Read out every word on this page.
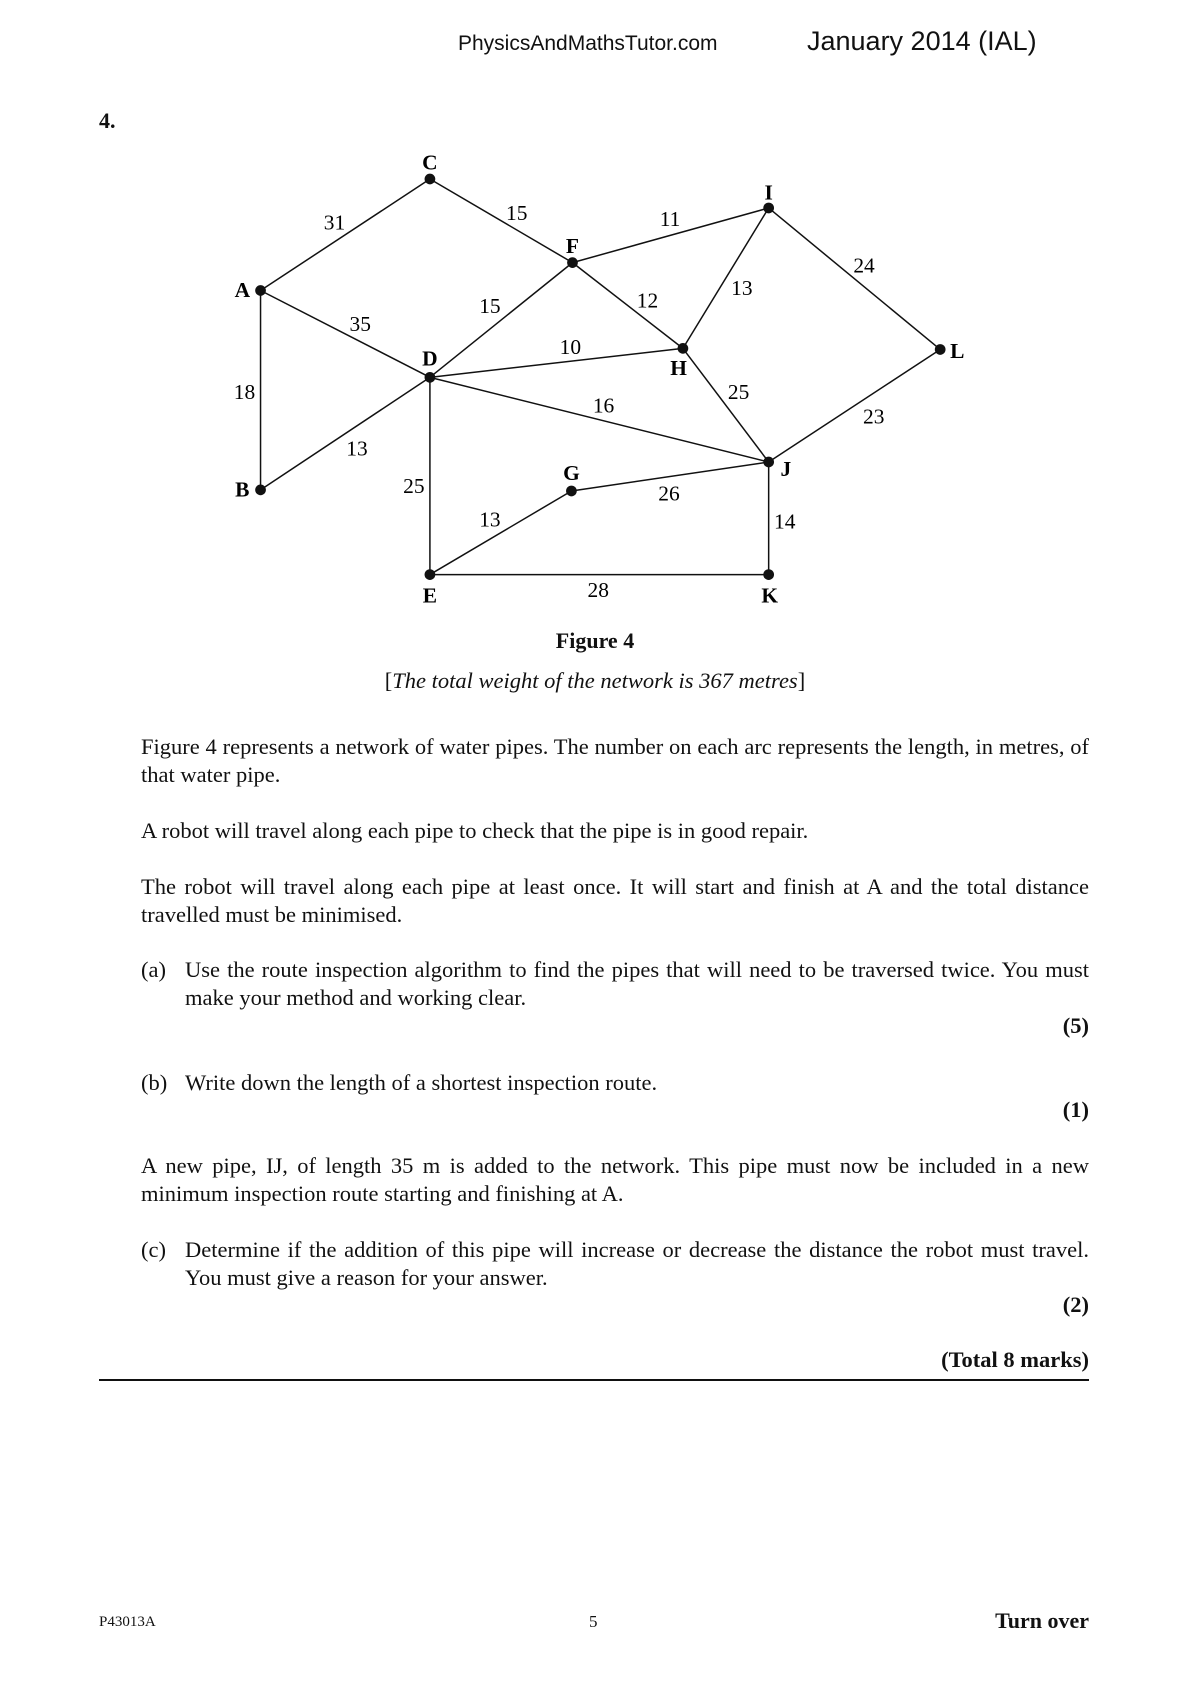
PhysicsAndMathsTutor.com	January 2014 (IAL)
4.
31	15	11
24
35
15	12
13
10
18
16
25
23
13
25	26
13	14
28
A
B
C
D
E
F
G
H
I
J
K
L
Figure 4
[The total weight of the network is 367 metres]
Figure 4 represents a network of water pipes. The number on each arc represents the length, in metres, of that water pipe.
A robot will travel along each pipe to check that the pipe is in good repair.
The robot will travel along each pipe at least once. It will start and finish at A and the total distance travelled must be minimised.
(a) Use the route inspection algorithm to find the pipes that will need to be traversed twice. You must make your method and working clear.
(5)
(b) Write down the length of a shortest inspection route.
(1)
A new pipe, IJ, of length 35 m is added to the network. This pipe must now be included in a new minimum inspection route starting and finishing at A.
(c) Determine if the addition of this pipe will increase or decrease the distance the robot must travel. You must give a reason for your answer.
(2)
(Total 8 marks)
P43013A	5	Turn over
